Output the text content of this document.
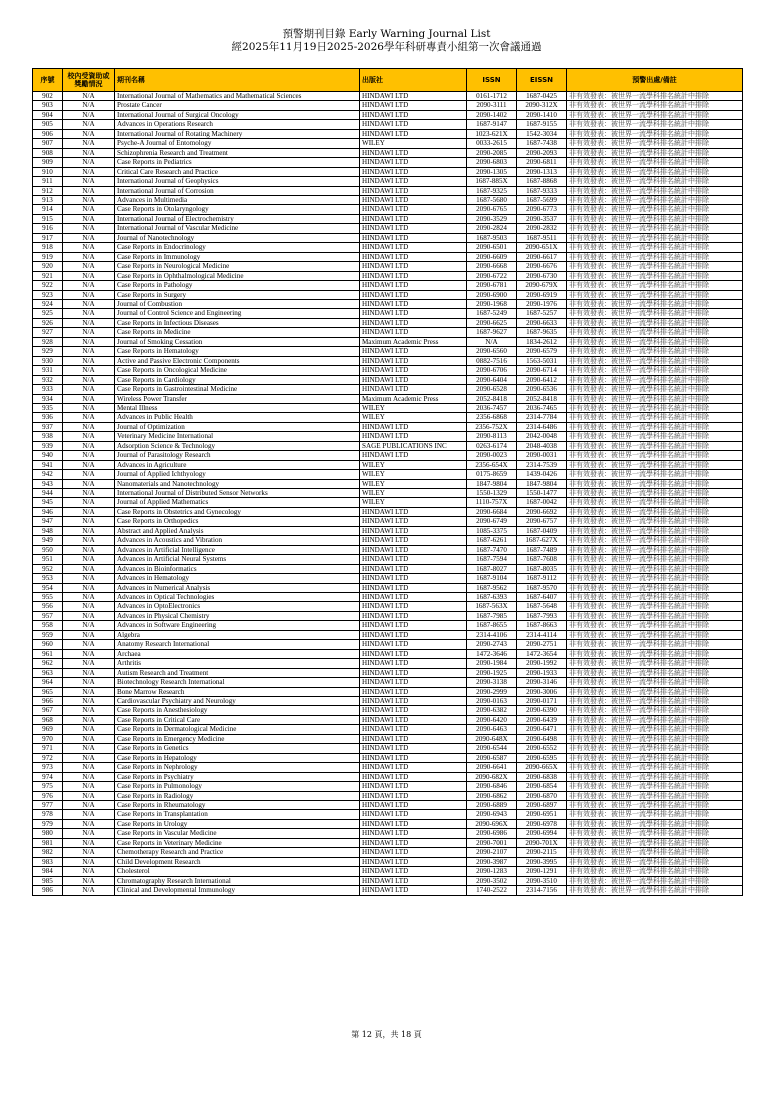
預警期刊目錄 Early Warning Journal List
經2025年11月19日2025-2026學年科研專責小組第一次會議通過
序號	校內受資助或獎勵情況	期刊名稱	出版社	ISSN	EISSN	預警出處/備註
902	N/A	International Journal of Mathematics and Mathematical Sciences	HINDAWI LTD	0161-1712	1687-0425	非有效發表：被世界一流學科排名統計中排除
903	N/A	Prostate Cancer	HINDAWI LTD	2090-3111	2090-312X	非有效發表：被世界一流學科排名統計中排除
904	N/A	International Journal of Surgical Oncology	HINDAWI LTD	2090-1402	2090-1410	非有效發表：被世界一流學科排名統計中排除
905	N/A	Advances in Operations Research	HINDAWI LTD	1687-9147	1687-9155	非有效發表：被世界一流學科排名統計中排除
906	N/A	International Journal of Rotating Machinery	HINDAWI LTD	1023-621X	1542-3034	非有效發表：被世界一流學科排名統計中排除
907	N/A	Psyche-A Journal of Entomology	WILEY	0033-2615	1687-7438	非有效發表：被世界一流學科排名統計中排除
908	N/A	Schizophrenia Research and Treatment	HINDAWI LTD	2090-2085	2090-2093	非有效發表：被世界一流學科排名統計中排除
909	N/A	Case Reports in Pediatrics	HINDAWI LTD	2090-6803	2090-6811	非有效發表：被世界一流學科排名統計中排除
910	N/A	Critical Care Research and Practice	HINDAWI LTD	2090-1305	2090-1313	非有效發表：被世界一流學科排名統計中排除
911	N/A	International Journal of Geophysics	HINDAWI LTD	1687-885X	1687-8868	非有效發表：被世界一流學科排名統計中排除
912	N/A	International Journal of Corrosion	HINDAWI LTD	1687-9325	1687-9333	非有效發表：被世界一流學科排名統計中排除
913	N/A	Advances in Multimedia	HINDAWI LTD	1687-5680	1687-5699	非有效發表：被世界一流學科排名統計中排除
914	N/A	Case Reports in Otolaryngology	HINDAWI LTD	2090-6765	2090-6773	非有效發表：被世界一流學科排名統計中排除
915	N/A	International Journal of Electrochemistry	HINDAWI LTD	2090-3529	2090-3537	非有效發表：被世界一流學科排名統計中排除
916	N/A	International Journal of Vascular Medicine	HINDAWI LTD	2090-2824	2090-2832	非有效發表：被世界一流學科排名統計中排除
917	N/A	Journal of Nanotechnology	HINDAWI LTD	1687-9503	1687-9511	非有效發表：被世界一流學科排名統計中排除
918	N/A	Case Reports in Endocrinology	HINDAWI LTD	2090-6501	2090-651X	非有效發表：被世界一流學科排名統計中排除
919	N/A	Case Reports in Immunology	HINDAWI LTD	2090-6609	2090-6617	非有效發表：被世界一流學科排名統計中排除
920	N/A	Case Reports in Neurological Medicine	HINDAWI LTD	2090-6668	2090-6676	非有效發表：被世界一流學科排名統計中排除
921	N/A	Case Reports in Ophthalmological Medicine	HINDAWI LTD	2090-6722	2090-6730	非有效發表：被世界一流學科排名統計中排除
922	N/A	Case Reports in Pathology	HINDAWI LTD	2090-6781	2090-679X	非有效發表：被世界一流學科排名統計中排除
923	N/A	Case Reports in Surgery	HINDAWI LTD	2090-6900	2090-6919	非有效發表：被世界一流學科排名統計中排除
924	N/A	Journal of Combustion	HINDAWI LTD	2090-1968	2090-1976	非有效發表：被世界一流學科排名統計中排除
925	N/A	Journal of Control Science and Engineering	HINDAWI LTD	1687-5249	1687-5257	非有效發表：被世界一流學科排名統計中排除
926	N/A	Case Reports in Infectious Diseases	HINDAWI LTD	2090-6625	2090-6633	非有效發表：被世界一流學科排名統計中排除
927	N/A	Case Reports in Medicine	HINDAWI LTD	1687-9627	1687-9635	非有效發表：被世界一流學科排名統計中排除
928	N/A	Journal of Smoking Cessation	Maximum Academic Press	N/A	1834-2612	非有效發表：被世界一流學科排名統計中排除
929	N/A	Case Reports in Hematology	HINDAWI LTD	2090-6560	2090-6579	非有效發表：被世界一流學科排名統計中排除
930	N/A	Active and Passive Electronic Components	HINDAWI LTD	0882-7516	1563-5031	非有效發表：被世界一流學科排名統計中排除
931	N/A	Case Reports in Oncological Medicine	HINDAWI LTD	2090-6706	2090-6714	非有效發表：被世界一流學科排名統計中排除
932	N/A	Case Reports in Cardiology	HINDAWI LTD	2090-6404	2090-6412	非有效發表：被世界一流學科排名統計中排除
933	N/A	Case Reports in Gastrointestinal Medicine	HINDAWI LTD	2090-6528	2090-6536	非有效發表：被世界一流學科排名統計中排除
934	N/A	Wireless Power Transfer	Maximum Academic Press	2052-8418	2052-8418	非有效發表：被世界一流學科排名統計中排除
935	N/A	Mental Illness	WILEY	2036-7457	2036-7465	非有效發表：被世界一流學科排名統計中排除
936	N/A	Advances in Public Health	WILEY	2356-6868	2314-7784	非有效發表：被世界一流學科排名統計中排除
937	N/A	Journal of Optimization	HINDAWI LTD	2356-752X	2314-6486	非有效發表：被世界一流學科排名統計中排除
938	N/A	Veterinary Medicine International	HINDAWI LTD	2090-8113	2042-0048	非有效發表：被世界一流學科排名統計中排除
939	N/A	Adsorption Science & Technology	SAGE PUBLICATIONS INC	0263-6174	2048-4038	非有效發表：被世界一流學科排名統計中排除
940	N/A	Journal of Parasitology Research	HINDAWI LTD	2090-0023	2090-0031	非有效發表：被世界一流學科排名統計中排除
941	N/A	Advances in Agriculture	WILEY	2356-654X	2314-7539	非有效發表：被世界一流學科排名統計中排除
942	N/A	Journal of Applied Ichthyology	WILEY	0175-8659	1439-0426	非有效發表：被世界一流學科排名統計中排除
943	N/A	Nanomaterials and Nanotechnology	WILEY	1847-9804	1847-9804	非有效發表：被世界一流學科排名統計中排除
944	N/A	International Journal of Distributed Sensor Networks	WILEY	1550-1329	1550-1477	非有效發表：被世界一流學科排名統計中排除
945	N/A	Journal of Applied Mathematics	WILEY	1110-757X	1687-0042	非有效發表：被世界一流學科排名統計中排除
946	N/A	Case Reports in Obstetrics and Gynecology	HINDAWI LTD	2090-6684	2090-6692	非有效發表：被世界一流學科排名統計中排除
947	N/A	Case Reports in Orthopedics	HINDAWI LTD	2090-6749	2090-6757	非有效發表：被世界一流學科排名統計中排除
948	N/A	Abstract and Applied Analysis	HINDAWI LTD	1085-3375	1687-0409	非有效發表：被世界一流學科排名統計中排除
949	N/A	Advances in Acoustics and Vibration	HINDAWI LTD	1687-6261	1687-627X	非有效發表：被世界一流學科排名統計中排除
950	N/A	Advances in Artificial Intelligence	HINDAWI LTD	1687-7470	1687-7489	非有效發表：被世界一流學科排名統計中排除
951	N/A	Advances in Artificial Neural Systems	HINDAWI LTD	1687-7594	1687-7608	非有效發表：被世界一流學科排名統計中排除
952	N/A	Advances in Bioinformatics	HINDAWI LTD	1687-8027	1687-8035	非有效發表：被世界一流學科排名統計中排除
953	N/A	Advances in Hematology	HINDAWI LTD	1687-9104	1687-9112	非有效發表：被世界一流學科排名統計中排除
954	N/A	Advances in Numerical Analysis	HINDAWI LTD	1687-9562	1687-9570	非有效發表：被世界一流學科排名統計中排除
955	N/A	Advances in Optical Technologies	HINDAWI LTD	1687-6393	1687-6407	非有效發表：被世界一流學科排名統計中排除
956	N/A	Advances in OptoElectronics	HINDAWI LTD	1687-563X	1687-5648	非有效發表：被世界一流學科排名統計中排除
957	N/A	Advances in Physical Chemistry	HINDAWI LTD	1687-7985	1687-7993	非有效發表：被世界一流學科排名統計中排除
958	N/A	Advances in Software Engineering	HINDAWI LTD	1687-8655	1687-8663	非有效發表：被世界一流學科排名統計中排除
959	N/A	Algebra	HINDAWI LTD	2314-4106	2314-4114	非有效發表：被世界一流學科排名統計中排除
960	N/A	Anatomy Research International	HINDAWI LTD	2090-2743	2090-2751	非有效發表：被世界一流學科排名統計中排除
961	N/A	Archaea	HINDAWI LTD	1472-3646	1472-3654	非有效發表：被世界一流學科排名統計中排除
962	N/A	Arthritis	HINDAWI LTD	2090-1984	2090-1992	非有效發表：被世界一流學科排名統計中排除
963	N/A	Autism Research and Treatment	HINDAWI LTD	2090-1925	2090-1933	非有效發表：被世界一流學科排名統計中排除
964	N/A	Biotechnology Research International	HINDAWI LTD	2090-3138	2090-3146	非有效發表：被世界一流學科排名統計中排除
965	N/A	Bone Marrow Research	HINDAWI LTD	2090-2999	2090-3006	非有效發表：被世界一流學科排名統計中排除
966	N/A	Cardiovascular Psychiatry and Neurology	HINDAWI LTD	2090-0163	2090-0171	非有效發表：被世界一流學科排名統計中排除
967	N/A	Case Reports in Anesthesiology	HINDAWI LTD	2090-6382	2090-6390	非有效發表：被世界一流學科排名統計中排除
968	N/A	Case Reports in Critical Care	HINDAWI LTD	2090-6420	2090-6439	非有效發表：被世界一流學科排名統計中排除
969	N/A	Case Reports in Dermatological Medicine	HINDAWI LTD	2090-6463	2090-6471	非有效發表：被世界一流學科排名統計中排除
970	N/A	Case Reports in Emergency Medicine	HINDAWI LTD	2090-648X	2090-6498	非有效發表：被世界一流學科排名統計中排除
971	N/A	Case Reports in Genetics	HINDAWI LTD	2090-6544	2090-6552	非有效發表：被世界一流學科排名統計中排除
972	N/A	Case Reports in Hepatology	HINDAWI LTD	2090-6587	2090-6595	非有效發表：被世界一流學科排名統計中排除
973	N/A	Case Reports in Nephrology	HINDAWI LTD	2090-6641	2090-665X	非有效發表：被世界一流學科排名統計中排除
974	N/A	Case Reports in Psychiatry	HINDAWI LTD	2090-682X	2090-6838	非有效發表：被世界一流學科排名統計中排除
975	N/A	Case Reports in Pulmonology	HINDAWI LTD	2090-6846	2090-6854	非有效發表：被世界一流學科排名統計中排除
976	N/A	Case Reports in Radiology	HINDAWI LTD	2090-6862	2090-6870	非有效發表：被世界一流學科排名統計中排除
977	N/A	Case Reports in Rheumatology	HINDAWI LTD	2090-6889	2090-6897	非有效發表：被世界一流學科排名統計中排除
978	N/A	Case Reports in Transplantation	HINDAWI LTD	2090-6943	2090-6951	非有效發表：被世界一流學科排名統計中排除
979	N/A	Case Reports in Urology	HINDAWI LTD	2090-696X	2090-6978	非有效發表：被世界一流學科排名統計中排除
980	N/A	Case Reports in Vascular Medicine	HINDAWI LTD	2090-6986	2090-6994	非有效發表：被世界一流學科排名統計中排除
981	N/A	Case Reports in Veterinary Medicine	HINDAWI LTD	2090-7001	2090-701X	非有效發表：被世界一流學科排名統計中排除
982	N/A	Chemotherapy Research and Practice	HINDAWI LTD	2090-2107	2090-2115	非有效發表：被世界一流學科排名統計中排除
983	N/A	Child Development Research	HINDAWI LTD	2090-3987	2090-3995	非有效發表：被世界一流學科排名統計中排除
984	N/A	Cholesterol	HINDAWI LTD	2090-1283	2090-1291	非有效發表：被世界一流學科排名統計中排除
985	N/A	Chromatography Research International	HINDAWI LTD	2090-3502	2090-3510	非有效發表：被世界一流學科排名統計中排除
986	N/A	Clinical and Developmental Immunology	HINDAWI LTD	1740-2522	2314-7156	非有效發表：被世界一流學科排名統計中排除
第 12 頁，共 18 頁
